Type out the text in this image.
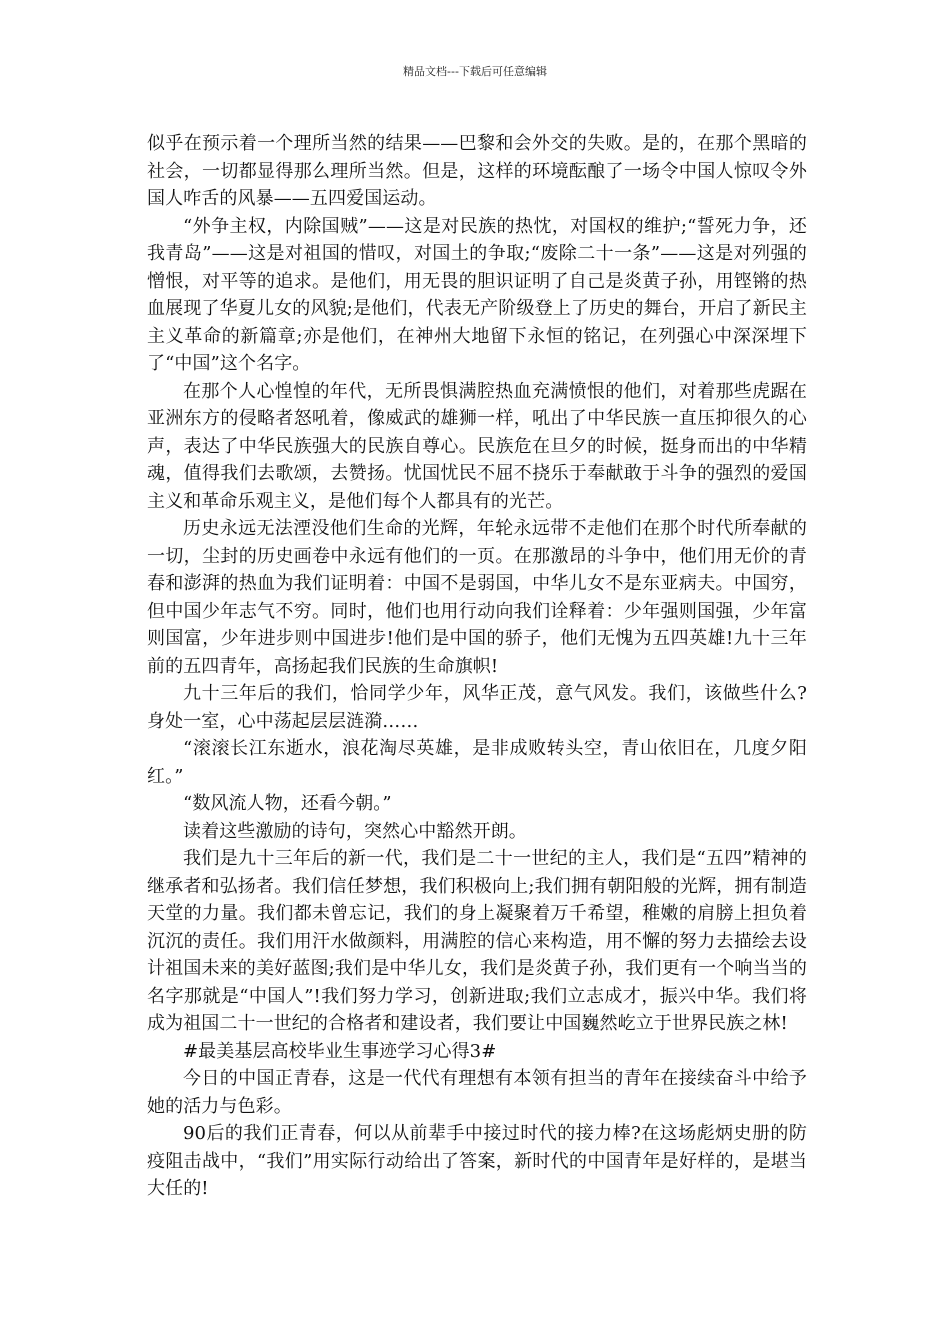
精品文档---下载后可任意编辑

似乎在预示着一个理所当然的结果——巴黎和会外交的失败。是的，在那个黑暗的社会，一切都显得那么理所当然。但是，这样的环境酝酿了一场令中国人惊叹令外国人咋舌的风暴——五四爱国运动。

“外争主权，内除国贼”——这是对民族的热忱，对国权的维护;“誓死力争，还我青岛”——这是对祖国的惜叹，对国土的争取;“废除二十一条”——这是对列强的憎恨，对平等的追求。是他们，用无畏的胆识证明了自己是炎黄子孙，用铿锵的热血展现了华夏儿女的风貌;是他们，代表无产阶级登上了历史的舞台，开启了新民主主义革命的新篇章;亦是他们，在神州大地留下永恒的铭记，在列强心中深深埋下了“中国”这个名字。

在那个人心惶惶的年代，无所畏惧满腔热血充满愤恨的他们，对着那些虎踞在亚洲东方的侵略者怒吼着，像威武的雄狮一样，吼出了中华民族一直压抑很久的心声，表达了中华民族强大的民族自尊心。民族危在旦夕的时候，挺身而出的中华精魂，值得我们去歌颂，去赞扬。忧国忧民不屈不挠乐于奉献敢于斗争的强烈的爱国主义和革命乐观主义，是他们每个人都具有的光芒。

历史永远无法湮没他们生命的光辉，年轮永远带不走他们在那个时代所奉献的一切，尘封的历史画卷中永远有他们的一页。在那激昂的斗争中，他们用无价的青春和澎湃的热血为我们证明着：中国不是弱国，中华儿女不是东亚病夫。中国穷，但中国少年志气不穷。同时，他们也用行动向我们诠释着：少年强则国强，少年富则国富，少年进步则中国进步!他们是中国的骄子，他们无愧为五四英雄!九十三年前的五四青年，高扬起我们民族的生命旗帜!

九十三年后的我们，恰同学少年，风华正茂，意气风发。我们，该做些什么?身处一室，心中荡起层层涟漪……

“滚滚长江东逝水，浪花淘尽英雄，是非成败转头空，青山依旧在，几度夕阳红。”

“数风流人物，还看今朝。”

读着这些激励的诗句，突然心中豁然开朗。

我们是九十三年后的新一代，我们是二十一世纪的主人，我们是“五四”精神的继承者和弘扬者。我们信任梦想，我们积极向上;我们拥有朝阳般的光辉，拥有制造天堂的力量。我们都未曾忘记，我们的身上凝聚着万千希望，稚嫩的肩膀上担负着沉沉的责任。我们用汗水做颜料，用满腔的信心来构造，用不懈的努力去描绘去设计祖国未来的美好蓝图;我们是中华儿女，我们是炎黄子孙，我们更有一个响当当的名字那就是“中国人”!我们努力学习，创新进取;我们立志成才，振兴中华。我们将成为祖国二十一世纪的合格者和建设者，我们要让中国巍然屹立于世界民族之林!

#最美基层高校毕业生事迹学习心得3#

今日的中国正青春，这是一代代有理想有本领有担当的青年在接续奋斗中给予她的活力与色彩。

90后的我们正青春，何以从前辈手中接过时代的接力棒?在这场彪炳史册的防疫阻击战中，“我们”用实际行动给出了答案，新时代的中国青年是好样的，是堪当大任的!
